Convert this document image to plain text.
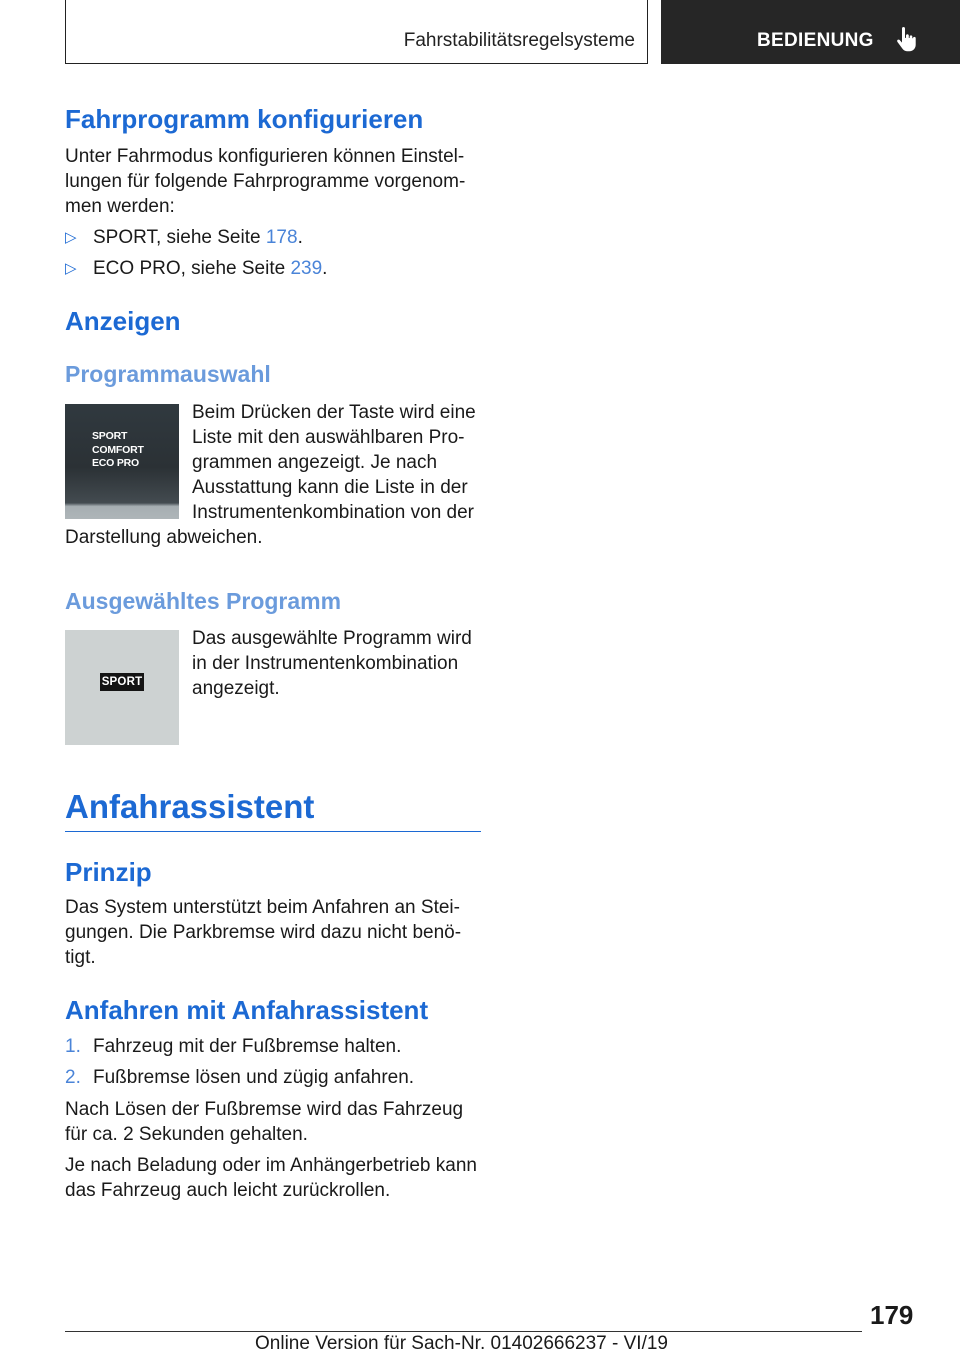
Fahrstabilitätsregelsysteme	BEDIENUNG
Fahrprogramm konfigurieren

Unter Fahrmodus konfigurieren können Einstel‐

lungen für folgende Fahrprogramme vorgenom‐

men werden:

▷ SPORT, siehe Seite 178.
▷ ECO PRO, siehe Seite 239.
Anzeigen
Programmauswahl
SPORT
COMFORT
ECO PRO

Beim Drücken der Taste wird eine

Liste mit den auswählbaren Pro‐

grammen angezeigt. Je nach

Ausstattung kann die Liste in der

Instrumentenkombination von der

Darstellung abweichen.

Ausgewähltes Programm
SPORT

Das ausgewählte Programm wird

in der Instrumentenkombination

angezeigt.

Anfahrassistent
Prinzip

Das System unterstützt beim Anfahren an Stei‐

gungen. Die Parkbremse wird dazu nicht benö‐

tigt.

Anfahren mit Anfahrassistent
1. Fahrzeug mit der Fußbremse halten.
2. Fußbremse lösen und zügig anfahren.

Nach Lösen der Fußbremse wird das Fahrzeug

für ca. 2 Sekunden gehalten.

Je nach Beladung oder im Anhängerbetrieb kann

das Fahrzeug auch leicht zurückrollen.

179
Online Version für Sach-Nr. 01402666237 - VI/19
